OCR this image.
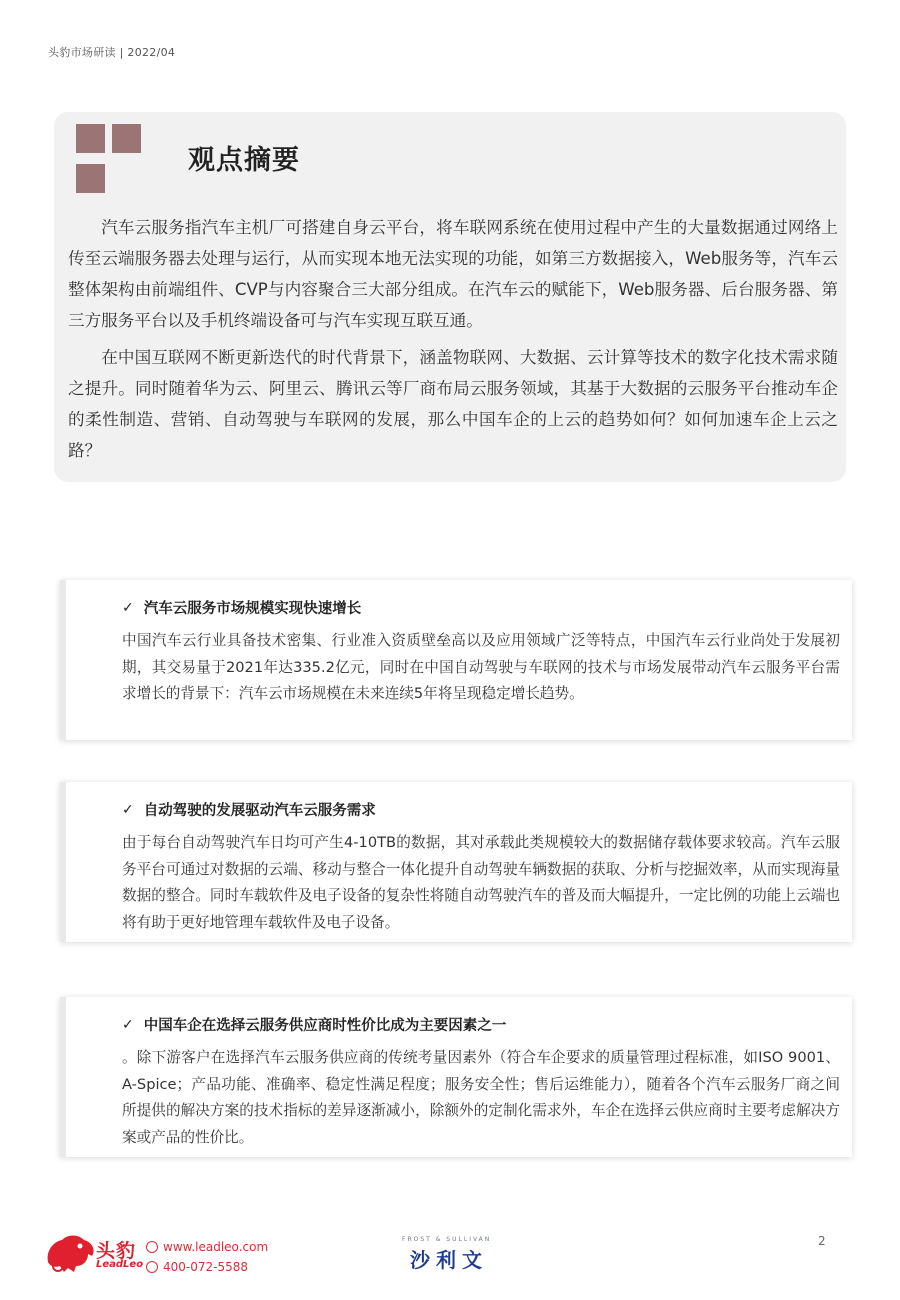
头豹市场研读 | 2022/04
观点摘要

汽车云服务指汽车主机厂可搭建自身云平台，将车联网系统在使用过程中产生的大量数据通过网络上传至云端服务器去处理与运行，从而实现本地无法实现的功能，如第三方数据接入，Web服务等，汽车云整体架构由前端组件、CVP与内容聚合三大部分组成。在汽车云的赋能下，Web服务器、后台服务器、第三方服务平台以及手机终端设备可与汽车实现互联互通。

在中国互联网不断更新迭代的时代背景下，涵盖物联网、大数据、云计算等技术的数字化技术需求随之提升。同时随着华为云、阿里云、腾讯云等厂商布局云服务领域，其基于大数据的云服务平台推动车企的柔性制造、营销、自动驾驶与车联网的发展，那么中国车企的上云的趋势如何？如何加速车企上云之路？

✓ 汽车云服务市场规模实现快速增长
中国汽车云行业具备技术密集、行业准入资质壁垒高以及应用领域广泛等特点，中国汽车云行业尚处于发展初期，其交易量于2021年达335.2亿元，同时在中国自动驾驶与车联网的技术与市场发展带动汽车云服务平台需求增长的背景下：汽车云市场规模在未来连续5年将呈现稳定增长趋势。
✓ 自动驾驶的发展驱动汽车云服务需求
由于每台自动驾驶汽车日均可产生4-10TB的数据，其对承载此类规模较大的数据储存载体要求较高。汽车云服务平台可通过对数据的云端、移动与整合一体化提升自动驾驶车辆数据的获取、分析与挖掘效率，从而实现海量数据的整合。同时车载软件及电子设备的复杂性将随自动驾驶汽车的普及而大幅提升，一定比例的功能上云端也将有助于更好地管理车载软件及电子设备。
✓ 中国车企在选择云服务供应商时性价比成为主要因素之一
。除下游客户在选择汽车云服务供应商的传统考量因素外（符合车企要求的质量管理过程标准，如ISO 9001、A-Spice；产品功能、准确率、稳定性满足程度；服务安全性；售后运维能力），随着各个汽车云服务厂商之间所提供的解决方案的技术指标的差异逐渐减小，除额外的定制化需求外，车企在选择云供应商时主要考虑解决方案或产品的性价比。
头豹
LeadLeo
www.leadleo.com
400-072-5588
FROST & SULLIVAN
沙利文
2
